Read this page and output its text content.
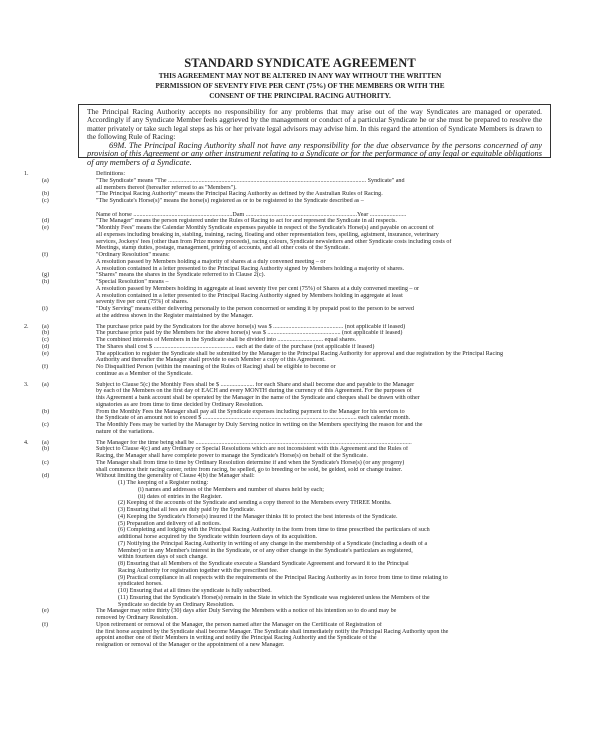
STANDARD SYNDICATE AGREEMENT
THIS AGREEMENT MAY NOT BE ALTERED IN ANY WAY WITHOUT THE WRITTEN
PERMISSION OF SEVENTY FIVE PER CENT (75%) OF THE MEMBERS OR WITH THE
CONSENT OF THE PRINCIPAL RACING AUTHORITY.

The Principal Racing Authority accepts no responsibility for any problems that may arise out of the way Syndicates are managed or operated. Accordingly if any Syndicate Member feels aggrieved by the management or conduct of a particular Syndicate he or she must be prepared to resolve the matter privately or take such legal steps as his or her private legal advisors may advise him. In this regard the attention of Syndicate Members is drawn to the following Rule of Racing:

69M. The Principal Racing Authority shall not have any responsibility for the due observance by the persons concerned of any provision of this Agreement or any other instrument relating to a Syndicate or for the performance of any legal or equitable obligations of any members of a Syndicate.

1.	Definitions:
(a)	"The Syndicate" means "The .................................................................................................................................. Syndicate" and
all members thereof (hereafter referred to as "Members").
(b)	"The Principal Racing Authority" means the Principal Racing Authority as defined by the Australian Rules of Racing.
(c)	"The Syndicate's Horse(s)" means the horse(s) registered as or to be registered to the Syndicate described as –
Name of horse .................................................................Dam .........................................................................Year ........................
(d)	"The Manager" means the person registered under the Rules of Racing to act for and represent the Syndicate in all respects.
(e)	"Monthly Fees" means the Calendar Monthly Syndicate expenses payable in respect of the Syndicate's Horse(s) and payable on account of
all expenses including breaking in, stabling, training, racing, floating and other representation fees, spelling, agistment, insurance, veterinary
services, Jockeys' fees (other than from Prize money proceeds), racing colours, Syndicate newsletters and other Syndicate costs including costs of
Meetings, stamp duties, postage, management, printing of accounts, and all other costs of the Syndicate.
(f)	"Ordinary Resolution" means:
A resolution passed by Members holding a majority of shares at a duly convened meeting – or
A resolution contained in a letter presented to the Principal Racing Authority signed by Members holding a majority of shares.
(g)	"Shares" means the shares in the Syndicate referred to in Clause 2(c).
(h)	"Special Resolution" means –
A resolution passed by Members holding in aggregate at least seventy five per cent (75%) of Shares at a duly convened meeting – or
A resolution contained in a letter presented to the Principal Racing Authority signed by Members holding in aggregate at least
seventy five per cent (75%) of shares.
(i)	"Duly Serving" means either delivering personally to the person concerned or sending it by prepaid post to the person to be served
at the address shown in the Register maintained by the Manager.
2. (a)	The purchase price paid by the Syndicators for the above horse(s) was $ .............................................. (not applicable if leased)
(b)	The purchase price paid by the Members for the above horse(s) was $ ................................................ (not applicable if leased)
(c)	The combined interests of Members in the Syndicate shall be divided into .............................. equal shares.
(d)	The Shares shall cost $ ..................................................... each at the date of the purchase (not applicable if leased)
(e)	The application to register the Syndicate shall be submitted by the Manager to the Principal Racing Authority for approval and due registration by the Principal Racing
Authority and thereafter the Manager shall provide to each Member a copy of this Agreement.
(f)	No Disqualified Person (within the meaning of the Rules of Racing) shall be eligible to become or
continue as a Member of the Syndicate.
3. (a)	Subject to Clause 5(c) the Monthly Fees shall be $ ...................... for each Share and shall become due and payable to the Manager
by each of the Members on the first day of EACH and every MONTH during the currency of this Agreement. For the purposes of
this Agreement a bank account shall be operated by the Manager in the name of the Syndicate and cheques shall be drawn with other
signatories as are from time to time decided by Ordinary Resolution.
(b)	From the Monthly Fees the Manager shall pay all the Syndicate expenses including payment to the Manager for his services to
the Syndicate of an amount not to exceed $ ..................................................................................................... each calendar month.
(c)	The Monthly Fees may be varied by the Manager by Duly Serving notice in writing on the Members specifying the reason for and the
nature of the variations.
4. (a)	The Manager for the time being shall be ..............................................................................................................................................
(b)	Subject to Clause 4(c) and any Ordinary or Special Resolutions which are not inconsistent with this Agreement and the Rules of
Racing, the Manager shall have complete power to manage the Syndicate's Horse(s) on behalf of the Syndicate.
(c)	The Manager shall from time to time by Ordinary Resolution determine if and when the Syndicate's Horse(s) (or any progeny)
shall commence their racing career, retire from racing, be spelled, go to breeding or be sold, be gelded, sold or change trainer.
(d)	Without limiting the generality of Clause 4(b) the Manager shall:
(1) The keeping of a Register noting:
(i) names and addresses of the Members and number of shares held by each;
(ii) dates of entries in the Register.
(2) Keeping of the accounts of the Syndicate and sending a copy thereof to the Members every THREE Months.
(3) Ensuring that all fees are duly paid by the Syndicate.
(4) Keeping the Syndicate's Horse(s) insured if the Manager thinks fit to protect the best interests of the Syndicate.
(5) Preparation and delivery of all notices.
(6) Completing and lodging with the Principal Racing Authority in the form from time to time prescribed the particulars of such
additional horse acquired by the Syndicate within fourteen days of its acquisition.
(7) Notifying the Principal Racing Authority in writing of any change in the membership of a Syndicate (including a death of a
Member) or in any Member's interest in the Syndicate, or of any other change in the Syndicate's particulars as registered,
within fourteen days of such change.
(8) Ensuring that all Members of the Syndicate execute a Standard Syndicate Agreement and forward it to the Principal
Racing Authority for registration together with the prescribed fee.
(9) Practical compliance in all respects with the requirements of the Principal Racing Authority as in force from time to time relating to
syndicated horses.
(10) Ensuring that at all times the syndicate is fully subscribed.
(11) Ensuring that the Syndicate's Horse(s) remain in the State in which the Syndicate was registered unless the Members of the
Syndicate so decide by an Ordinary Resolution.
(e)	The Manager may retire thirty (30) days after Duly Serving the Members with a notice of his intention so to do and may be
removed by Ordinary Resolution.
(f)	Upon retirement or removal of the Manager, the person named after the Manager on the Certificate of Registration of
the first horse acquired by the Syndicate shall become Manager. The Syndicate shall immediately notify the Principal Racing Authority upon the
appoint another one of their Members in writing and notify the Principal Racing Authority and the Syndicate of the
resignation or removal of the Manager or the appointment of a new Manager.
